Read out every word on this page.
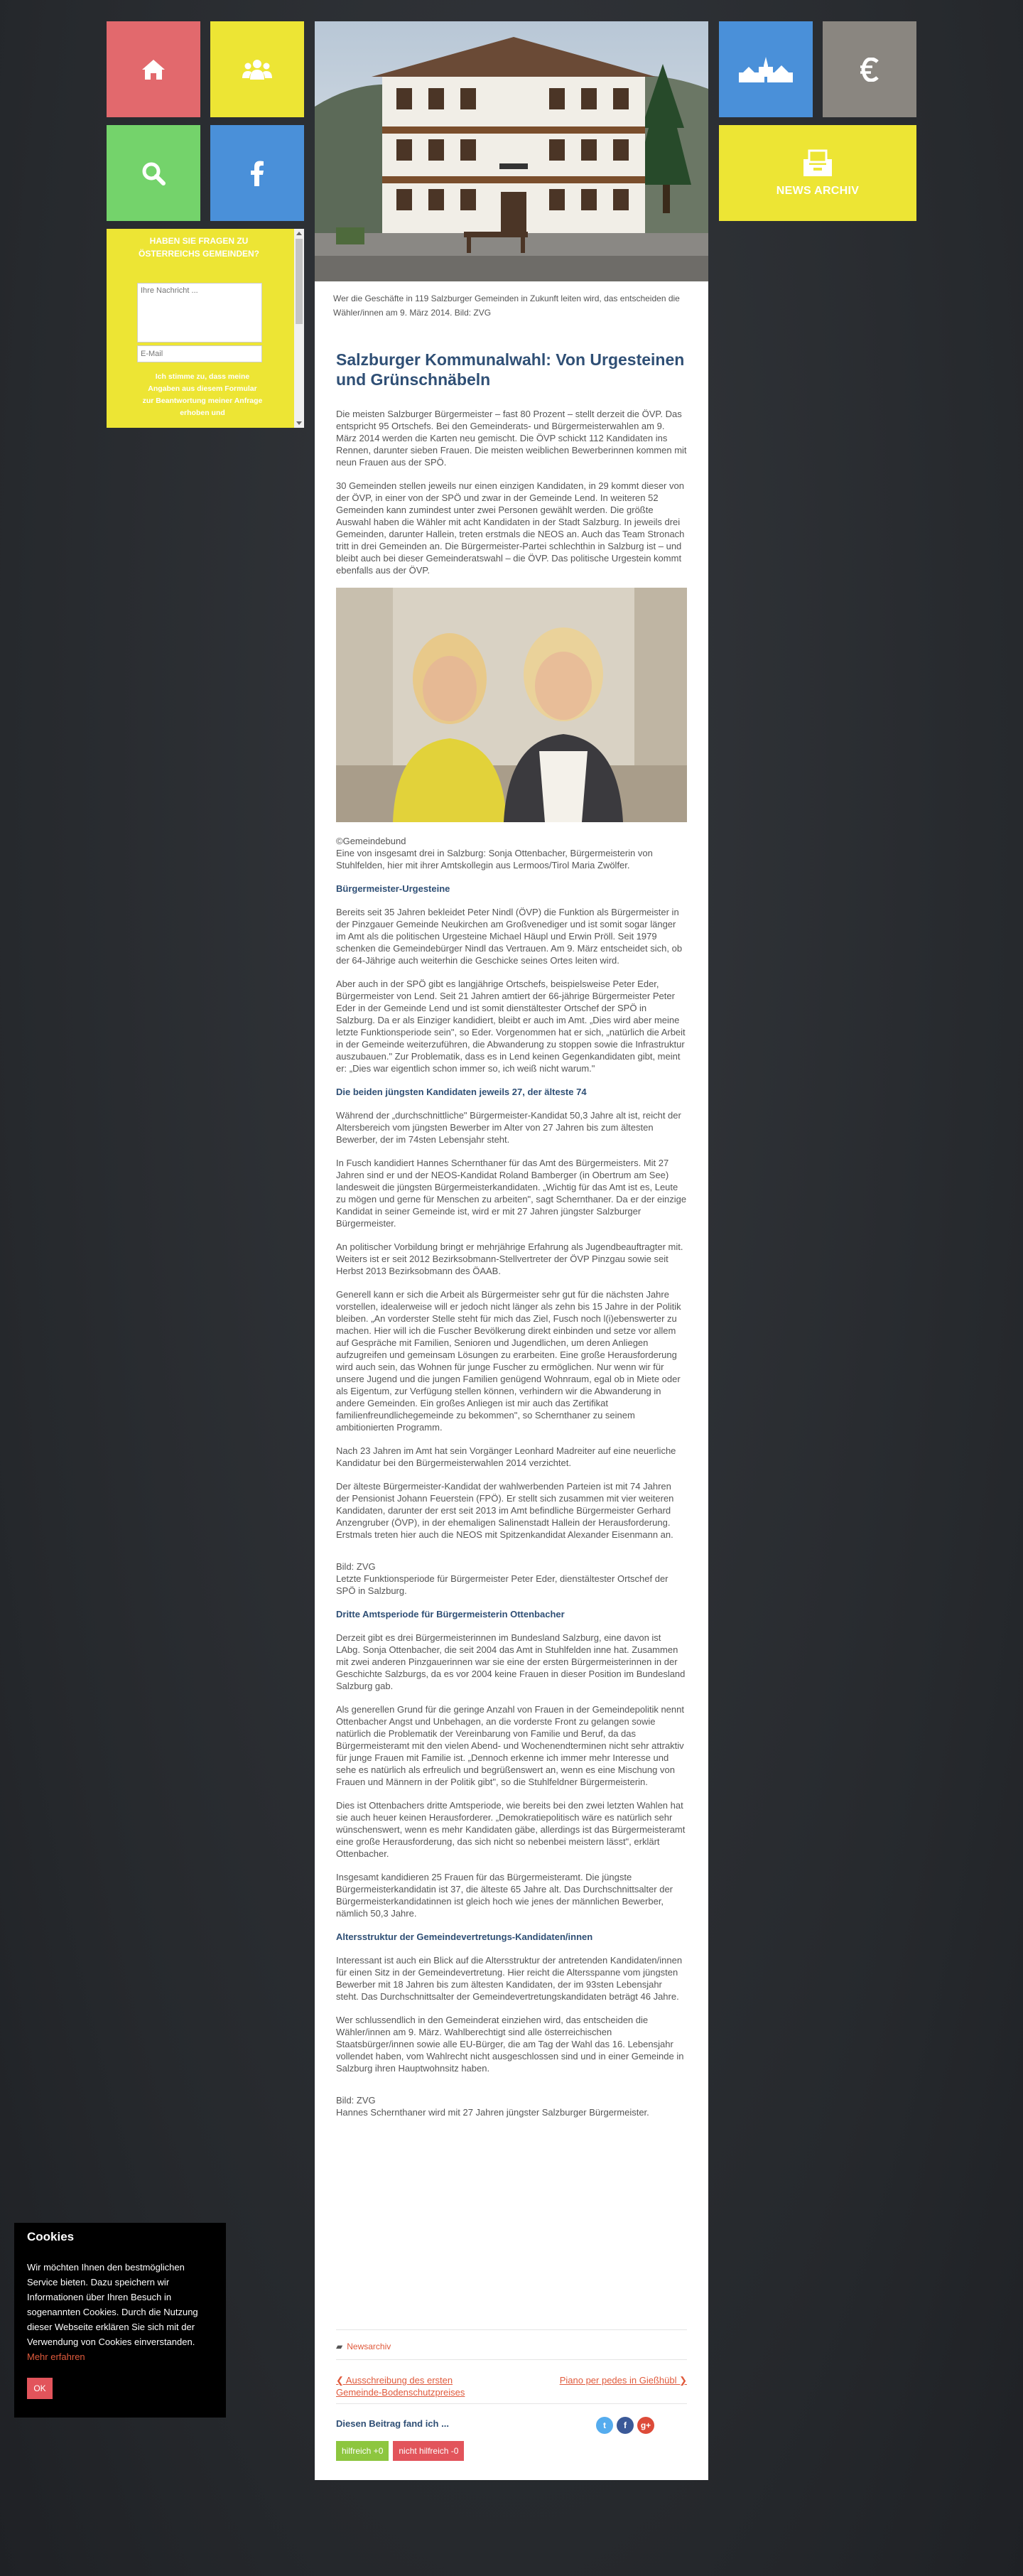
HABEN SIE FRAGEN ZU ÖSTERREICHS GEMEINDEN?
Ihre Nachricht ...
E-Mail
Ich stimme zu, dass meine Angaben aus diesem Formular zur Beantwortung meiner Anfrage erhoben und
NEWS ARCHIV
Wer die Geschäfte in 119 Salzburger Gemeinden in Zukunft leiten wird, das entscheiden die Wähler/innen am 9. März 2014. Bild: ZVG
Salzburger Kommunalwahl: Von Urgesteinen und Grünschnäbeln

Die meisten Salzburger Bürgermeister – fast 80 Prozent – stellt derzeit die ÖVP. Das entspricht 95 Ortschefs. Bei den Gemeinderats- und Bürgermeisterwahlen am 9. März 2014 werden die Karten neu gemischt. Die ÖVP schickt 112 Kandidaten ins Rennen, darunter sieben Frauen. Die meisten weiblichen Bewerberinnen kommen mit neun Frauen aus der SPÖ.

30 Gemeinden stellen jeweils nur einen einzigen Kandidaten, in 29 kommt dieser von der ÖVP, in einer von der SPÖ und zwar in der Gemeinde Lend. In weiteren 52 Gemeinden kann zumindest unter zwei Personen gewählt werden. Die größte Auswahl haben die Wähler mit acht Kandidaten in der Stadt Salzburg. In jeweils drei Gemeinden, darunter Hallein, treten erstmals die NEOS an. Auch das Team Stronach tritt in drei Gemeinden an. Die Bürgermeister-Partei schlechthin in Salzburg ist – und bleibt auch bei dieser Gemeinderatswahl – die ÖVP. Das politische Urgestein kommt ebenfalls aus der ÖVP.

©Gemeindebund
Eine von insgesamt drei in Salzburg: Sonja Ottenbacher, Bürgermeisterin von Stuhlfelden, hier mit ihrer Amtskollegin aus Lermoos/Tirol Maria Zwölfer.

Bürgermeister-Urgesteine

Bereits seit 35 Jahren bekleidet Peter Nindl (ÖVP) die Funktion als Bürgermeister in der Pinzgauer Gemeinde Neukirchen am Großvenediger und ist somit sogar länger im Amt als die politischen Urgesteine Michael Häupl und Erwin Pröll. Seit 1979 schenken die Gemeindebürger Nindl das Vertrauen. Am 9. März entscheidet sich, ob der 64-Jährige auch weiterhin die Geschicke seines Ortes leiten wird.

Aber auch in der SPÖ gibt es langjährige Ortschefs, beispielsweise Peter Eder, Bürgermeister von Lend. Seit 21 Jahren amtiert der 66-jährige Bürgermeister Peter Eder in der Gemeinde Lend und ist somit dienstältester Ortschef der SPÖ in Salzburg. Da er als Einziger kandidiert, bleibt er auch im Amt. „Dies wird aber meine letzte Funktionsperiode sein", so Eder. Vorgenommen hat er sich, „natürlich die Arbeit in der Gemeinde weiterzuführen, die Abwanderung zu stoppen sowie die Infrastruktur auszubauen." Zur Problematik, dass es in Lend keinen Gegenkandidaten gibt, meint er: „Dies war eigentlich schon immer so, ich weiß nicht warum."

Die beiden jüngsten Kandidaten jeweils 27, der älteste 74

Während der „durchschnittliche" Bürgermeister-Kandidat 50,3 Jahre alt ist, reicht der Altersbereich vom jüngsten Bewerber im Alter von 27 Jahren bis zum ältesten Bewerber, der im 74sten Lebensjahr steht.

In Fusch kandidiert Hannes Schernthaner für das Amt des Bürgermeisters. Mit 27 Jahren sind er und der NEOS-Kandidat Roland Bamberger (in Obertrum am See) landesweit die jüngsten Bürgermeisterkandidaten. „Wichtig für das Amt ist es, Leute zu mögen und gerne für Menschen zu arbeiten", sagt Schernthaner. Da er der einzige Kandidat in seiner Gemeinde ist, wird er mit 27 Jahren jüngster Salzburger Bürgermeister.

An politischer Vorbildung bringt er mehrjährige Erfahrung als Jugendbeauftragter mit. Weiters ist er seit 2012 Bezirksobmann-Stellvertreter der ÖVP Pinzgau sowie seit Herbst 2013 Bezirksobmann des ÖAAB.

Generell kann er sich die Arbeit als Bürgermeister sehr gut für die nächsten Jahre vorstellen, idealerweise will er jedoch nicht länger als zehn bis 15 Jahre in der Politik bleiben. „An vorderster Stelle steht für mich das Ziel, Fusch noch l(i)ebenswerter zu machen. Hier will ich die Fuscher Bevölkerung direkt einbinden und setze vor allem auf Gespräche mit Familien, Senioren und Jugendlichen, um deren Anliegen aufzugreifen und gemeinsam Lösungen zu erarbeiten. Eine große Herausforderung wird auch sein, das Wohnen für junge Fuscher zu ermöglichen. Nur wenn wir für unsere Jugend und die jungen Familien genügend Wohnraum, egal ob in Miete oder als Eigentum, zur Verfügung stellen können, verhindern wir die Abwanderung in andere Gemeinden. Ein großes Anliegen ist mir auch das Zertifikat familienfreundlichegemeinde zu bekommen", so Schernthaner zu seinem ambitionierten Programm.

Nach 23 Jahren im Amt hat sein Vorgänger Leonhard Madreiter auf eine neuerliche Kandidatur bei den Bürgermeisterwahlen 2014 verzichtet.

Der älteste Bürgermeister-Kandidat der wahlwerbenden Parteien ist mit 74 Jahren der Pensionist Johann Feuerstein (FPÖ). Er stellt sich zusammen mit vier weiteren Kandidaten, darunter der erst seit 2013 im Amt befindliche Bürgermeister Gerhard Anzengruber (ÖVP), in der ehemaligen Salinenstadt Hallein der Herausforderung. Erstmals treten hier auch die NEOS mit Spitzenkandidat Alexander Eisenmann an.

Bild: ZVG
Letzte Funktionsperiode für Bürgermeister Peter Eder, dienstältester Ortschef der SPÖ in Salzburg.

Dritte Amtsperiode für Bürgermeisterin Ottenbacher

Derzeit gibt es drei Bürgermeisterinnen im Bundesland Salzburg, eine davon ist LAbg. Sonja Ottenbacher, die seit 2004 das Amt in Stuhlfelden inne hat. Zusammen mit zwei anderen Pinzgauerinnen war sie eine der ersten Bürgermeisterinnen in der Geschichte Salzburgs, da es vor 2004 keine Frauen in dieser Position im Bundesland Salzburg gab.

Als generellen Grund für die geringe Anzahl von Frauen in der Gemeindepolitik nennt Ottenbacher Angst und Unbehagen, an die vorderste Front zu gelangen sowie natürlich die Problematik der Vereinbarung von Familie und Beruf, da das Bürgermeisteramt mit den vielen Abend- und Wochenendterminen nicht sehr attraktiv für junge Frauen mit Familie ist. „Dennoch erkenne ich immer mehr Interesse und sehe es natürlich als erfreulich und begrüßenswert an, wenn es eine Mischung von Frauen und Männern in der Politik gibt", so die Stuhlfeldner Bürgermeisterin.

Dies ist Ottenbachers dritte Amtsperiode, wie bereits bei den zwei letzten Wahlen hat sie auch heuer keinen Herausforderer. „Demokratiepolitisch wäre es natürlich sehr wünschenswert, wenn es mehr Kandidaten gäbe, allerdings ist das Bürgermeisteramt eine große Herausforderung, das sich nicht so nebenbei meistern lässt", erklärt Ottenbacher.

Insgesamt kandidieren 25 Frauen für das Bürgermeisteramt. Die jüngste Bürgermeisterkandidatin ist 37, die älteste 65 Jahre alt. Das Durchschnittsalter der Bürgermeisterkandidatinnen ist gleich hoch wie jenes der männlichen Bewerber, nämlich 50,3 Jahre.

Altersstruktur der Gemeindevertretungs-Kandidaten/innen

Interessant ist auch ein Blick auf die Altersstruktur der antretenden Kandidaten/innen für einen Sitz in der Gemeindevertretung. Hier reicht die Altersspanne vom jüngsten Bewerber mit 18 Jahren bis zum ältesten Kandidaten, der im 93sten Lebensjahr steht. Das Durchschnittsalter der Gemeindevertretungskandidaten beträgt 46 Jahre.

Wer schlussendlich in den Gemeinderat einziehen wird, das entscheiden die Wähler/innen am 9. März. Wahlberechtigt sind alle österreichischen Staatsbürger/innen sowie alle EU-Bürger, die am Tag der Wahl das 16. Lebensjahr vollendet haben, vom Wahlrecht nicht ausgeschlossen sind und in einer Gemeinde in Salzburg ihren Hauptwohnsitz haben.

Bild: ZVG
Hannes Schernthaner wird mit 27 Jahren jüngster Salzburger Bürgermeister.

▰ Newsarchiv
❮ Ausschreibung des ersten Gemeinde-Bodenschutzpreises
Piano per pedes in Gießhübl ❯
Diesen Beitrag fand ich ...	t f g+
hilfreich +0 nicht hilfreich -0
Cookies
Wir möchten Ihnen den bestmöglichen Service bieten. Dazu speichern wir Informationen über Ihren Besuch in sogenannten Cookies. Durch die Nutzung dieser Webseite erklären Sie sich mit der Verwendung von Cookies einverstanden. Mehr erfahren
OK
